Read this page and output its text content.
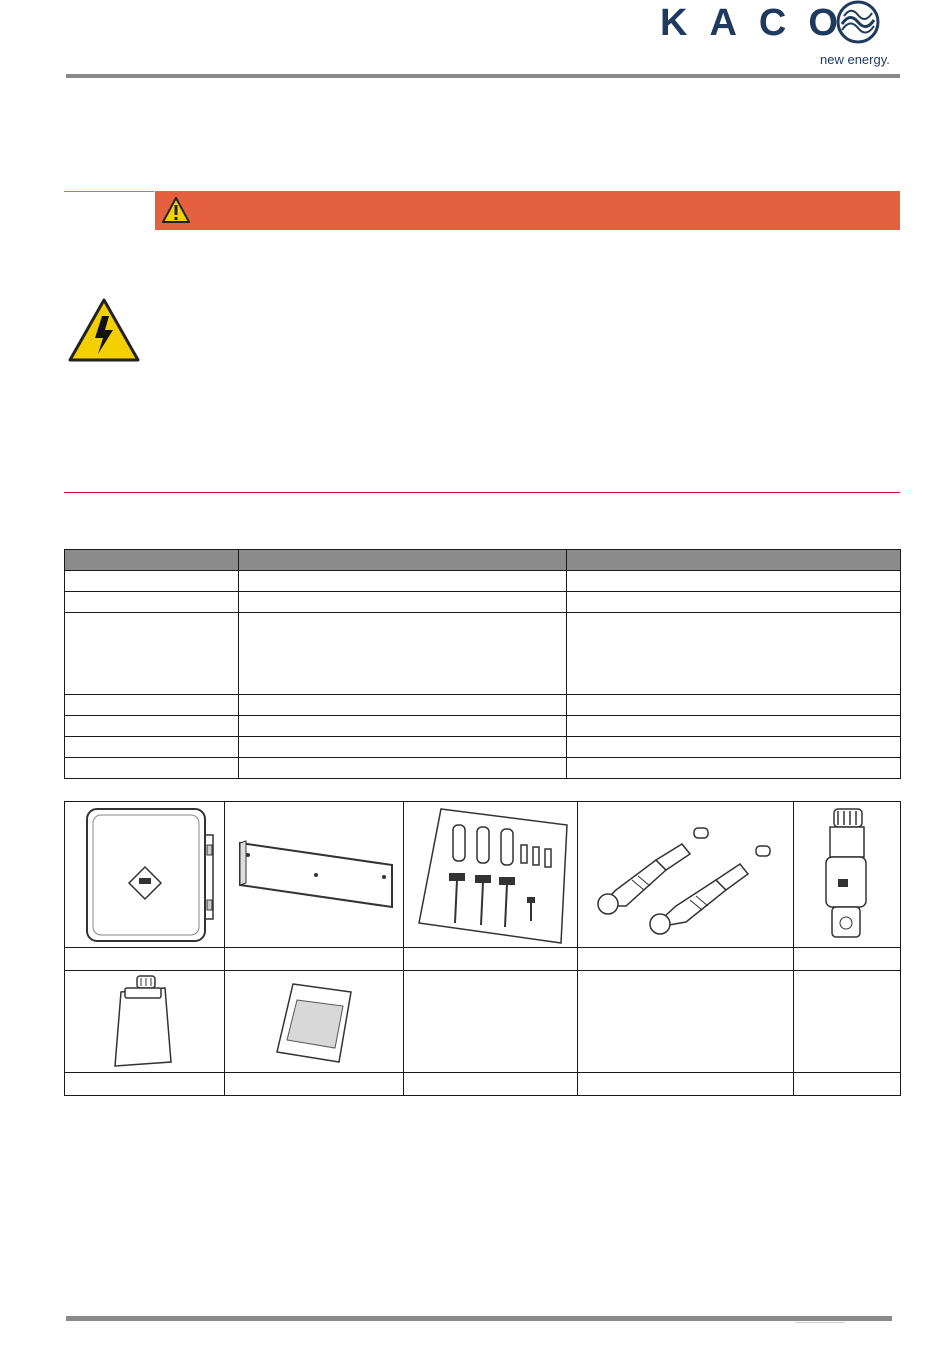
KACO
new energy.
